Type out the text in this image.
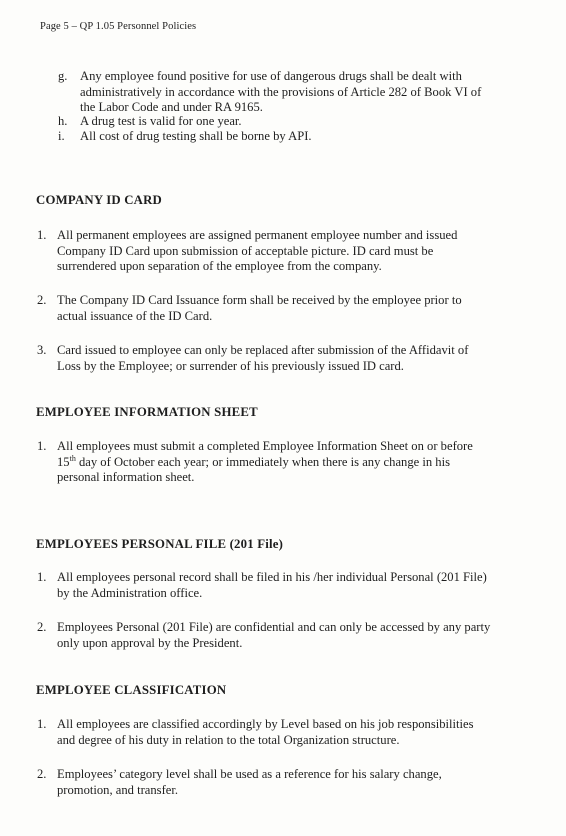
Page 5 – QP 1.05 Personnel Policies
g. Any employee found positive for use of dangerous drugs shall be dealt with
administratively in accordance with the provisions of Article 282 of Book VI of
the Labor Code and under RA 9165.
h. A drug test is valid for one year.
i. All cost of drug testing shall be borne by API.
COMPANY ID CARD
1. All permanent employees are assigned permanent employee number and issued
Company ID Card upon submission of acceptable picture. ID card must be
surrendered upon separation of the employee from the company.
2. The Company ID Card Issuance form shall be received by the employee prior to
actual issuance of the ID Card.
3. Card issued to employee can only be replaced after submission of the Affidavit of
Loss by the Employee; or surrender of his previously issued ID card.
EMPLOYEE INFORMATION SHEET
1. All employees must submit a completed Employee Information Sheet on or before
15th day of October each year; or immediately when there is any change in his
personal information sheet.
EMPLOYEES PERSONAL FILE (201 File)
1. All employees personal record shall be filed in his /her individual Personal (201 File)
by the Administration office.
2. Employees Personal (201 File) are confidential and can only be accessed by any party
only upon approval by the President.
EMPLOYEE CLASSIFICATION
1. All employees are classified accordingly by Level based on his job responsibilities
and degree of his duty in relation to the total Organization structure.
2. Employees’ category level shall be used as a reference for his salary change,
promotion, and transfer.
